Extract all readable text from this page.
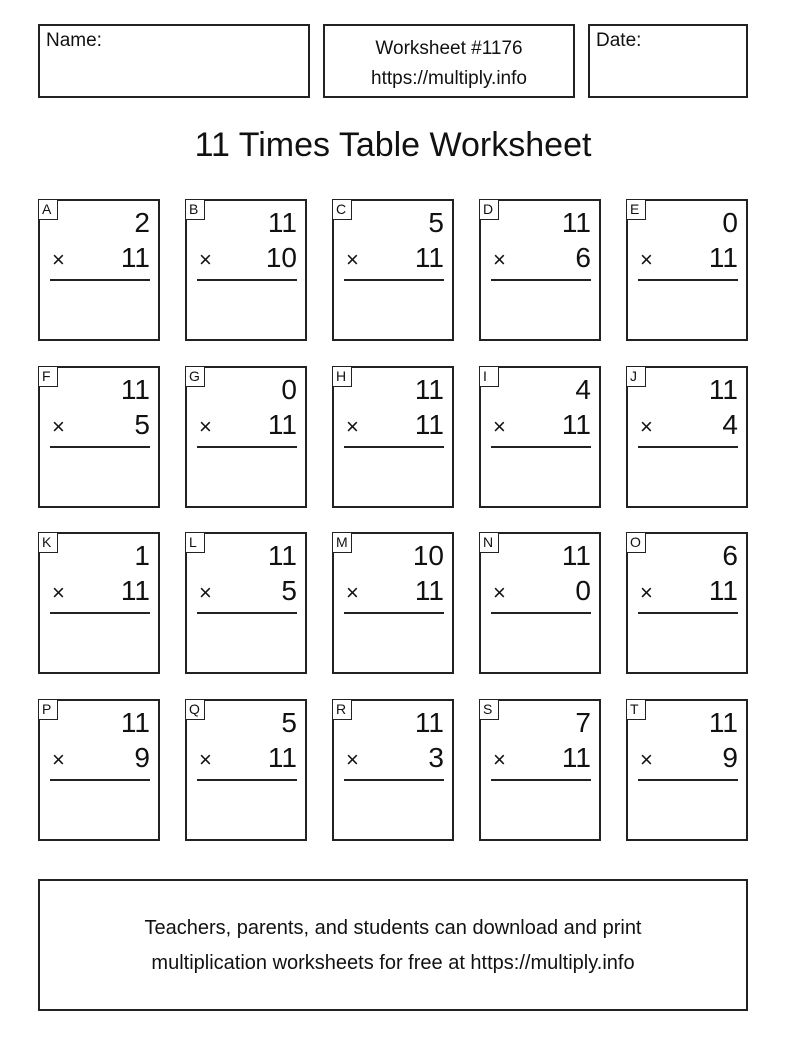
Name:	Worksheet #1176
https://multiply.info
Date:
11 Times Table Worksheet
A	2
× 11
B 11
× 10
C	5
× 11
D 11
× 6
E	0
× 11
F	11
× 5
G	0
× 11
H 11
× 11
I	4
× 11
J	11
× 4
K	1
× 11
L	11
× 5
M 10
× 11
N 11
× 0
O	6
× 11
P 11
× 9
Q	5
× 11
R 11
× 3
S	7
× 11
T	11
× 9
Teachers, parents, and students can download and print
multiplication worksheets for free at https://multiply.info
